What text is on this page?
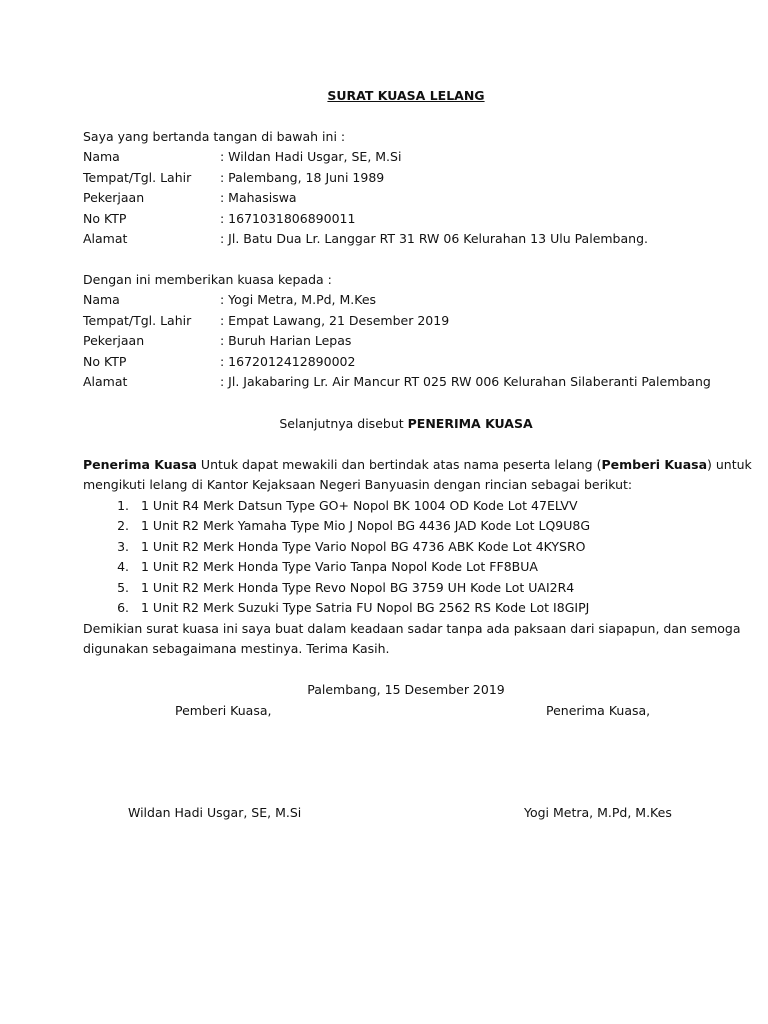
SURAT KUASA LELANG
Saya yang bertanda tangan di bawah ini :
Nama	: Wildan Hadi Usgar, SE, M.Si
Tempat/Tgl. Lahir	: Palembang, 18 Juni 1989
Pekerjaan	: Mahasiswa
No KTP	: 1671031806890011
Alamat	: Jl. Batu Dua Lr. Langgar RT 31 RW 06 Kelurahan 13 Ulu Palembang.
Dengan ini memberikan kuasa kepada :
Nama	: Yogi Metra, M.Pd, M.Kes
Tempat/Tgl. Lahir	: Empat Lawang, 21 Desember 2019
Pekerjaan	: Buruh Harian Lepas
No KTP	: 1672012412890002
Alamat	: Jl. Jakabaring Lr. Air Mancur RT 025 RW 006 Kelurahan Silaberanti Palembang
Selanjutnya disebut PENERIMA KUASA
Penerima Kuasa Untuk dapat mewakili dan bertindak atas nama peserta lelang (Pemberi Kuasa) untuk
mengikuti lelang di Kantor Kejaksaan Negeri Banyuasin dengan rincian sebagai berikut:
1. 1 Unit R4 Merk Datsun Type GO+ Nopol BK 1004 OD Kode Lot 47ELVV
2. 1 Unit R2 Merk Yamaha Type Mio J Nopol BG 4436 JAD Kode Lot LQ9U8G
3. 1 Unit R2 Merk Honda Type Vario Nopol BG 4736 ABK Kode Lot 4KYSRO
4. 1 Unit R2 Merk Honda Type Vario Tanpa Nopol Kode Lot FF8BUA
5. 1 Unit R2 Merk Honda Type Revo Nopol BG 3759 UH Kode Lot UAI2R4
6. 1 Unit R2 Merk Suzuki Type Satria FU Nopol BG 2562 RS Kode Lot I8GIPJ
Demikian surat kuasa ini saya buat dalam keadaan sadar tanpa ada paksaan dari siapapun, dan semoga
digunakan sebagaimana mestinya. Terima Kasih.
Palembang, 15 Desember 2019
Pemberi Kuasa,	Penerima Kuasa,
Wildan Hadi Usgar, SE, M.Si	Yogi Metra, M.Pd, M.Kes
